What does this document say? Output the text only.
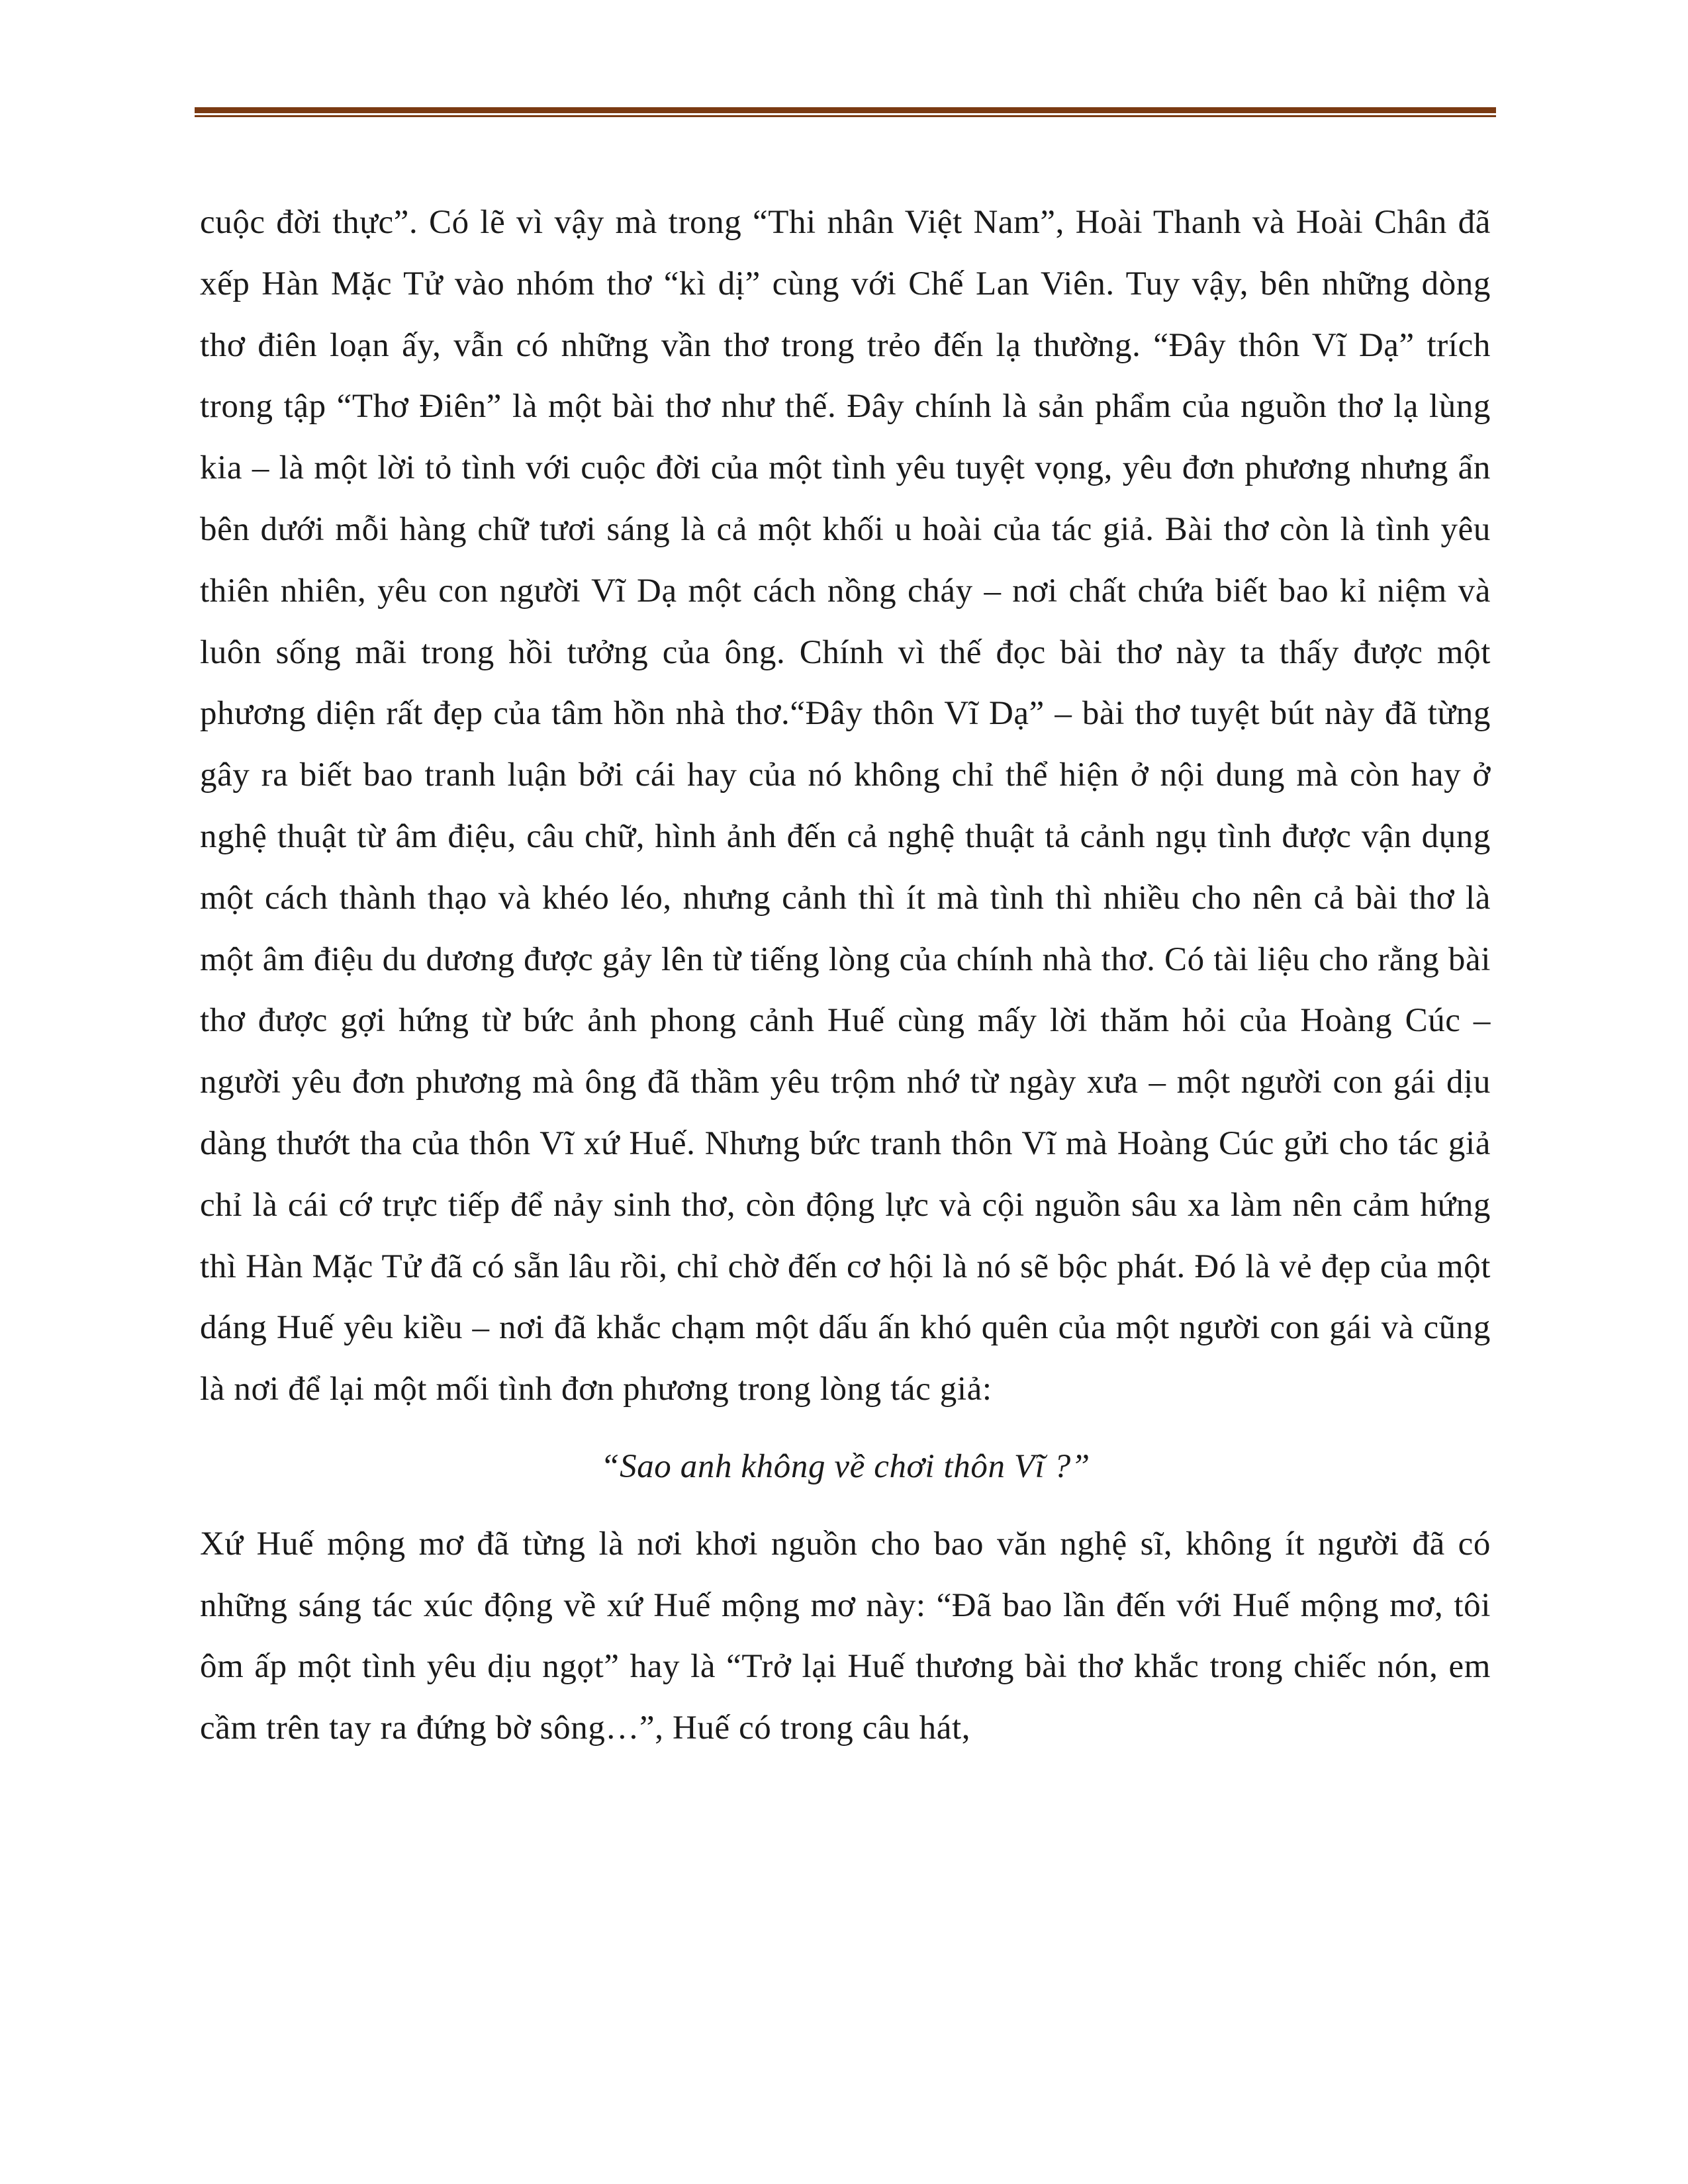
cuộc đời thực”. Có lẽ vì vậy mà trong “Thi nhân Việt Nam”, Hoài Thanh và Hoài Chân đã xếp Hàn Mặc Tử vào nhóm thơ “kì dị” cùng với Chế Lan Viên. Tuy vậy, bên những dòng thơ điên loạn ấy, vẫn có những vần thơ trong trẻo đến lạ thường. “Đây thôn Vĩ Dạ” trích trong tập “Thơ Điên” là một bài thơ như thế. Đây chính là sản phẩm của nguồn thơ lạ lùng kia – là một lời tỏ tình với cuộc đời của một tình yêu tuyệt vọng, yêu đơn phương nhưng ẩn bên dưới mỗi hàng chữ tươi sáng là cả một khối u hoài của tác giả. Bài thơ còn là tình yêu thiên nhiên, yêu con người Vĩ Dạ một cách nồng cháy – nơi chất chứa biết bao kỉ niệm và luôn sống mãi trong hồi tưởng của ông. Chính vì thế đọc bài thơ này ta thấy được một phương diện rất đẹp của tâm hồn nhà thơ.“Đây thôn Vĩ Dạ” – bài thơ tuyệt bút này đã từng gây ra biết bao tranh luận bởi cái hay của nó không chỉ thể hiện ở nội dung mà còn hay ở nghệ thuật từ âm điệu, câu chữ, hình ảnh đến cả nghệ thuật tả cảnh ngụ tình được vận dụng một cách thành thạo và khéo léo, nhưng cảnh thì ít mà tình thì nhiều cho nên cả bài thơ là một âm điệu du dương được gảy lên từ tiếng lòng của chính nhà thơ. Có tài liệu cho rằng bài thơ được gợi hứng từ bức ảnh phong cảnh Huế cùng mấy lời thăm hỏi của Hoàng Cúc – người yêu đơn phương mà ông đã thầm yêu trộm nhớ từ ngày xưa – một người con gái dịu dàng thướt tha của thôn Vĩ xứ Huế. Nhưng bức tranh thôn Vĩ mà Hoàng Cúc gửi cho tác giả chỉ là cái cớ trực tiếp để nảy sinh thơ, còn động lực và cội nguồn sâu xa làm nên cảm hứng thì Hàn Mặc Tử đã có sẵn lâu rồi, chỉ chờ đến cơ hội là nó sẽ bộc phát. Đó là vẻ đẹp của một dáng Huế yêu kiều – nơi đã khắc chạm một dấu ấn khó quên của một người con gái và cũng là nơi để lại một mối tình đơn phương trong lòng tác giả:

“Sao anh không về chơi thôn Vĩ ?”

Xứ Huế mộng mơ đã từng là nơi khơi nguồn cho bao văn nghệ sĩ, không ít người đã có những sáng tác xúc động về xứ Huế mộng mơ này: “Đã bao lần đến với Huế mộng mơ, tôi ôm ấp một tình yêu dịu ngọt” hay là “Trở lại Huế thương bài thơ khắc trong chiếc nón, em cầm trên tay ra đứng bờ sông…”, Huế có trong câu hát,
